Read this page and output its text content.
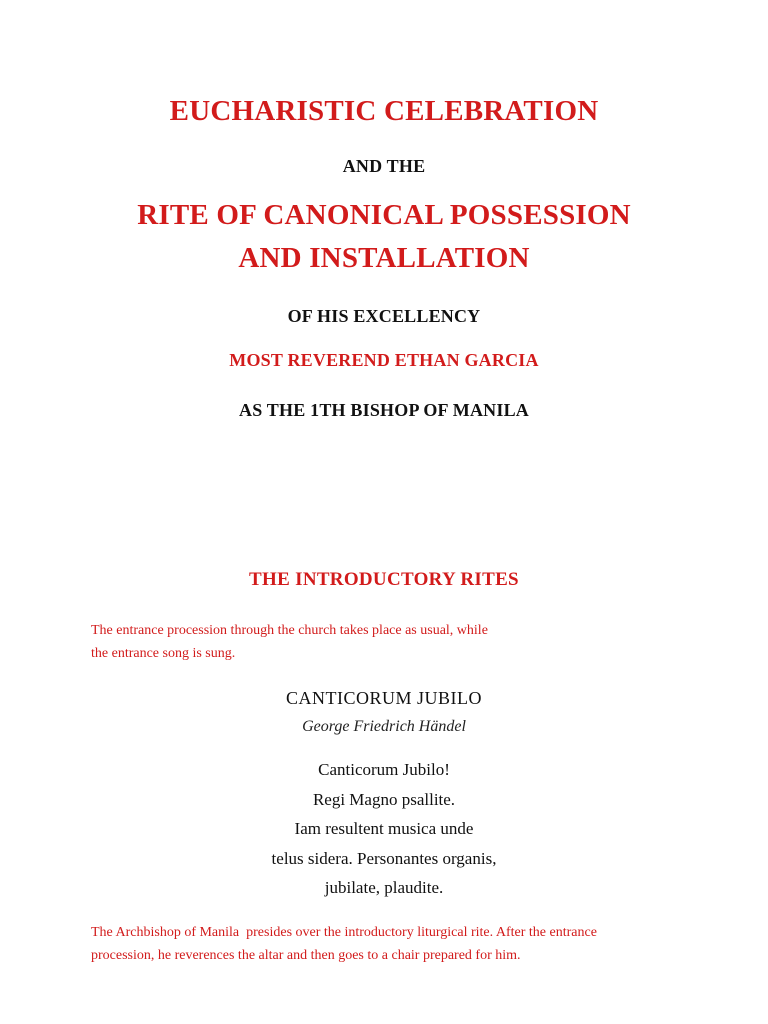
EUCHARISTIC CELEBRATION
AND THE
RITE OF CANONICAL POSSESSION
AND INSTALLATION
OF HIS EXCELLENCY
MOST REVEREND ETHAN GARCIA
AS THE 1TH BISHOP OF MANILA
THE INTRODUCTORY RITES
The entrance procession through the church takes place as usual, while
the entrance song is sung.
CANTICORUM JUBILO
George Friedrich Händel
Canticorum Jubilo!
Regi Magno psallite.
Iam resultent musica unde
telus sidera. Personantes organis,
jubilate, plaudite.
The Archbishop of Manila  presides over the introductory liturgical rite. After the entrance
procession, he reverences the altar and then goes to a chair prepared for him.
